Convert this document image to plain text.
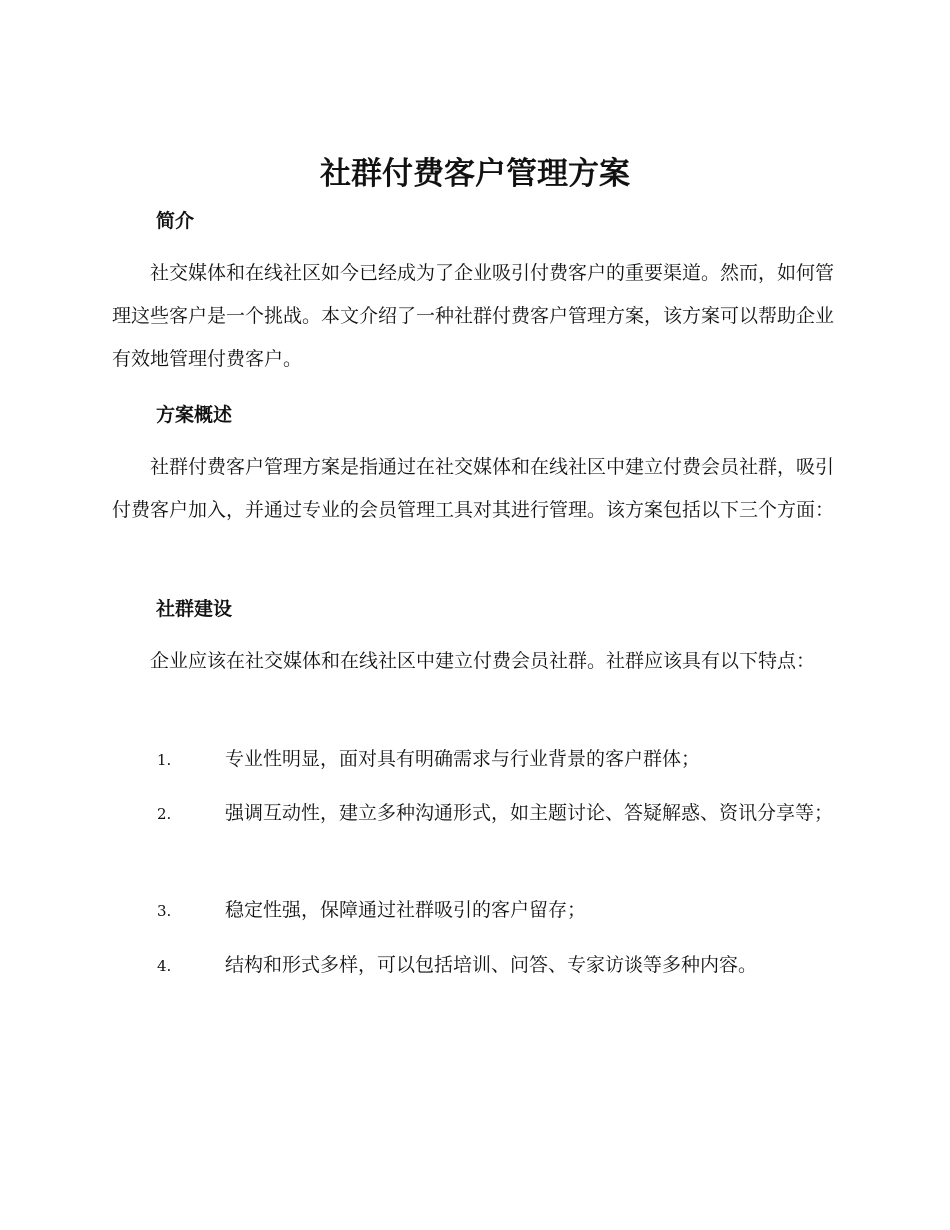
社群付费客户管理方案
简介

社交媒体和在线社区如今已经成为了企业吸引付费客户的重要渠道。然而，如何管理这些客户是一个挑战。本文介绍了一种社群付费客户管理方案，该方案可以帮助企业有效地管理付费客户。

方案概述

社群付费客户管理方案是指通过在社交媒体和在线社区中建立付费会员社群，吸引付费客户加入，并通过专业的会员管理工具对其进行管理。该方案包括以下三个方面：

社群建设

企业应该在社交媒体和在线社区中建立付费会员社群。社群应该具有以下特点：

1.	专业性明显，面对具有明确需求与行业背景的客户群体；

2.	强调互动性，建立多种沟通形式，如主题讨论、答疑解惑、资讯分享等；

3.	稳定性强，保障通过社群吸引的客户留存；

4.	结构和形式多样，可以包括培训、问答、专家访谈等多种内容。
